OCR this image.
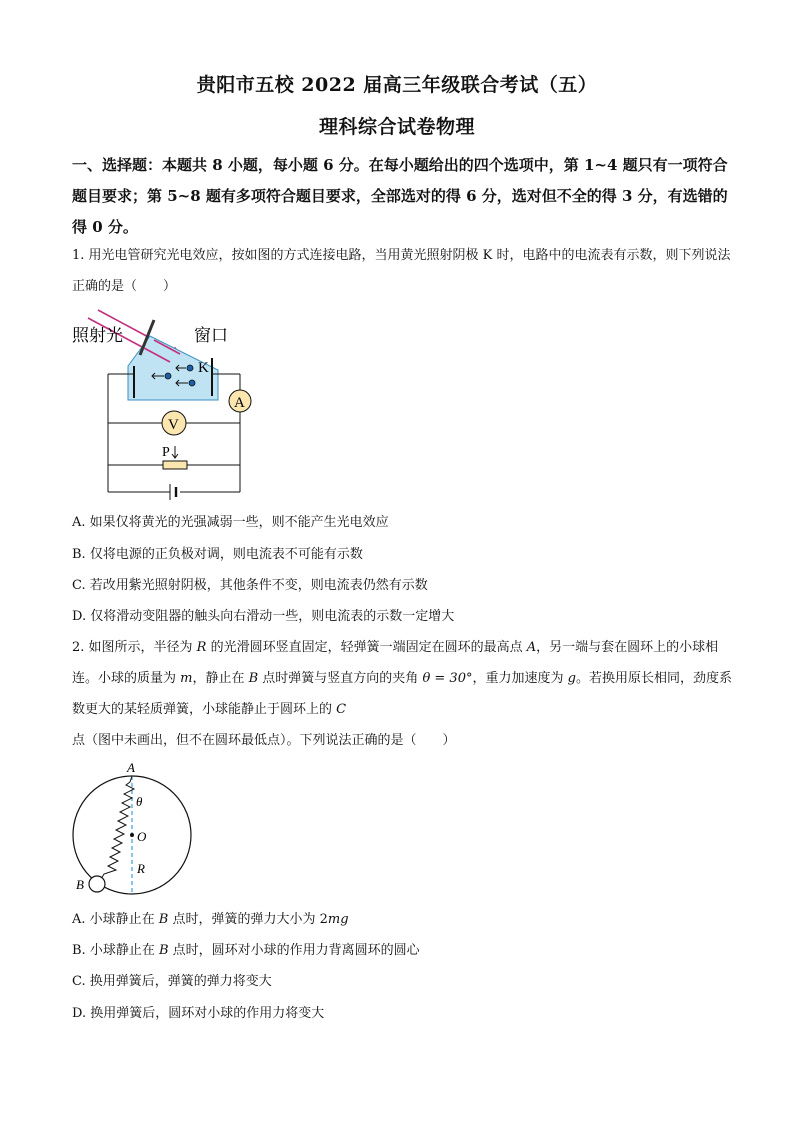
贵阳市五校 2022 届高三年级联合考试（五）
理科综合试卷物理
一、选择题：本题共 8 小题，每小题 6 分。在每小题给出的四个选项中，第 1~4 题只有一项符合题目要求；第 5~8 题有多项符合题目要求，全部选对的得 6 分，选对但不全的得 3 分，有选错的得 0 分。
1. 用光电管研究光电效应，按如图的方式连接电路，当用黄光照射阴极 K 时，电路中的电流表有示数，则下列说法正确的是（　　）
照射光	窗口
K
A
V
P
A. 如果仅将黄光的光强减弱一些，则不能产生光电效应
B. 仅将电源的正负极对调，则电流表不可能有示数
C. 若改用紫光照射阴极，其他条件不变，则电流表仍然有示数
D. 仅将滑动变阻器的触头向右滑动一些，则电流表的示数一定增大
2. 如图所示，半径为 R 的光滑圆环竖直固定，轻弹簧一端固定在圆环的最高点 A，另一端与套在圆环上的小球相连。小球的质量为 m，静止在 B 点时弹簧与竖直方向的夹角 θ = 30°，重力加速度为 g。若换用原长相同，劲度系数更大的某轻质弹簧，小球能静止于圆环上的 C 点（图中未画出，但不在圆环最低点）。下列说法正确的是（　　）
A
θ
O
R
B
A. 小球静止在 B 点时，弹簧的弹力大小为 2mg
B. 小球静止在 B 点时，圆环对小球的作用力背离圆环的圆心
C. 换用弹簧后，弹簧的弹力将变大
D. 换用弹簧后，圆环对小球的作用力将变大
